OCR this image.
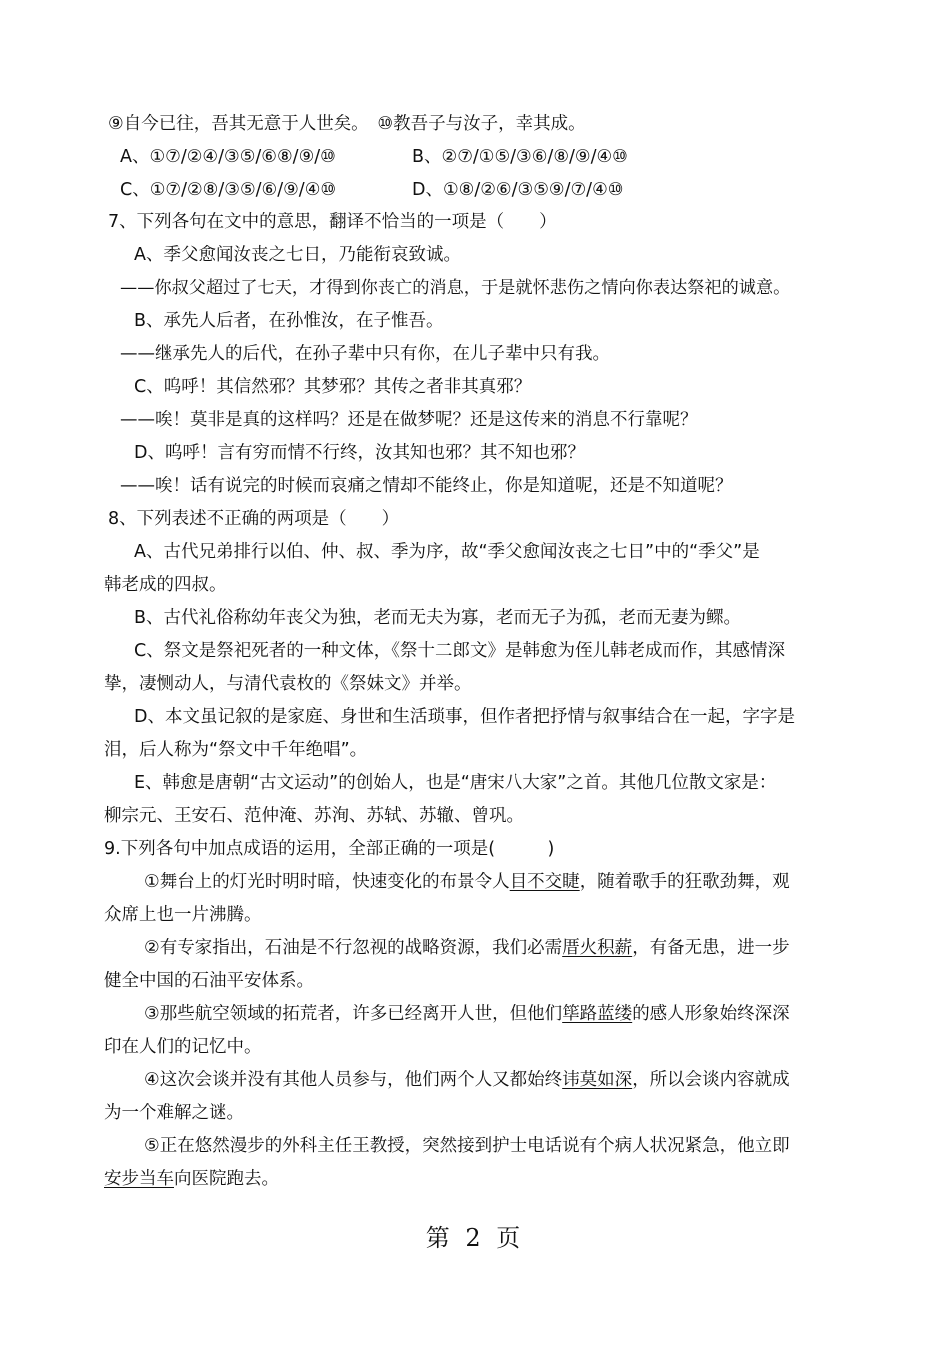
⑨自今已往，吾其无意于人世矣。　⑩教吾子与汝子，幸其成。
A、①⑦/②④/③⑤/⑥⑧/⑨/⑩	B、②⑦/①⑤/③⑥/⑧/⑨/④⑩
C、①⑦/②⑧/③⑤/⑥/⑨/④⑩	D、①⑧/②⑥/③⑤⑨/⑦/④⑩
7、下列各句在文中的意思，翻译不恰当的一项是（　　）
A、季父愈闻汝丧之七日，乃能衔哀致诚。
——你叔父超过了七天，才得到你丧亡的消息，于是就怀悲伤之情向你表达祭祀的诚意。
B、承先人后者，在孙惟汝，在子惟吾。
——继承先人的后代，在孙子辈中只有你，在儿子辈中只有我。
C、呜呼！其信然邪？其梦邪？其传之者非其真邪？
——唉！莫非是真的这样吗？还是在做梦呢？还是这传来的消息不行靠呢？
D、呜呼！言有穷而情不行终，汝其知也邪？其不知也邪？
——唉！话有说完的时候而哀痛之情却不能终止，你是知道呢，还是不知道呢？
8、下列表述不正确的两项是（　　）
A、古代兄弟排行以伯、仲、叔、季为序，故“季父愈闻汝丧之七日”中的“季父”是
韩老成的四叔。
B、古代礼俗称幼年丧父为独，老而无夫为寡，老而无子为孤，老而无妻为鳏。
C、祭文是祭祀死者的一种文体，《祭十二郎文》是韩愈为侄儿韩老成而作，其感情深
挚，凄恻动人，与清代袁枚的《祭妹文》并举。
D、本文虽记叙的是家庭、身世和生活琐事，但作者把抒情与叙事结合在一起，字字是
泪，后人称为“祭文中千年绝唱”。
E、韩愈是唐朝“古文运动”的创始人，也是“唐宋八大家”之首。其他几位散文家是：
柳宗元、王安石、范仲淹、苏洵、苏轼、苏辙、曾巩。
9.下列各句中加点成语的运用，全部正确的一项是(　　　)
①舞台上的灯光时明时暗，快速变化的布景令人目不交睫，随着歌手的狂歌劲舞，观
众席上也一片沸腾。
②有专家指出，石油是不行忽视的战略资源，我们必需厝火积薪，有备无患，进一步
健全中国的石油平安体系。
③那些航空领域的拓荒者，许多已经离开人世，但他们筚路蓝缕的感人形象始终深深
印在人们的记忆中。
④这次会谈并没有其他人员参与，他们两个人又都始终讳莫如深，所以会谈内容就成
为一个难解之谜。
⑤正在悠然漫步的外科主任王教授，突然接到护士电话说有个病人状况紧急，他立即
安步当车向医院跑去。
第 2 页
